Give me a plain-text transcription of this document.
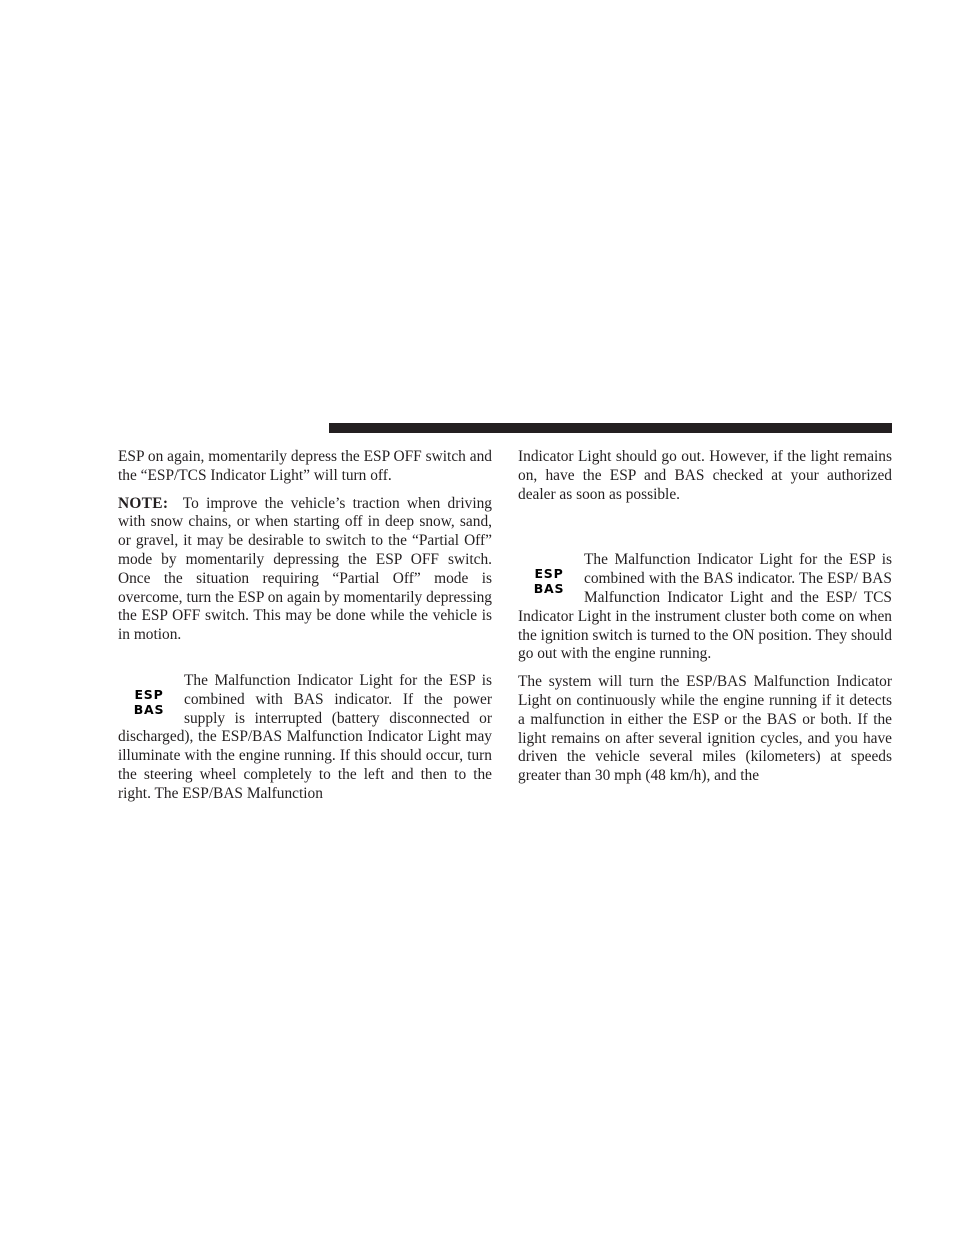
ESP on again, momentarily depress the ESP OFF switch and the “ESP/TCS Indicator Light” will turn off.

NOTE: To improve the vehicle’s traction when driving with snow chains, or when starting off in deep snow, sand, or gravel, it may be desirable to switch to the “Partial Off” mode by momentarily depressing the ESP OFF switch. Once the situation requiring “Partial Off” mode is overcome, turn the ESP on again by momentarily depressing the ESP OFF switch. This may be done while the vehicle is in motion.

ESP
BAS
The Malfunction Indicator Light for the ESP is combined with BAS indicator. If the power supply is interrupted (battery disconnected or discharged), the ESP/BAS Malfunction Indicator Light may illuminate with the engine running. If this should occur, turn the steering wheel completely to the left and then to the right. The ESP/BAS Malfunction

Indicator Light should go out. However, if the light remains on, have the ESP and BAS checked at your authorized dealer as soon as possible.

ESP
BAS
The Malfunction Indicator Light for the ESP is combined with the BAS indicator. The ESP/ BAS Malfunction Indicator Light and the ESP/ TCS Indicator Light in the instrument cluster both come on when the ignition switch is turned to the ON position. They should go out with the engine running.

The system will turn the ESP/BAS Malfunction Indicator Light on continuously while the engine running if it detects a malfunction in either the ESP or the BAS or both. If the light remains on after several ignition cycles, and you have driven the vehicle several miles (kilometers) at speeds greater than 30 mph (48 km/h), and the
